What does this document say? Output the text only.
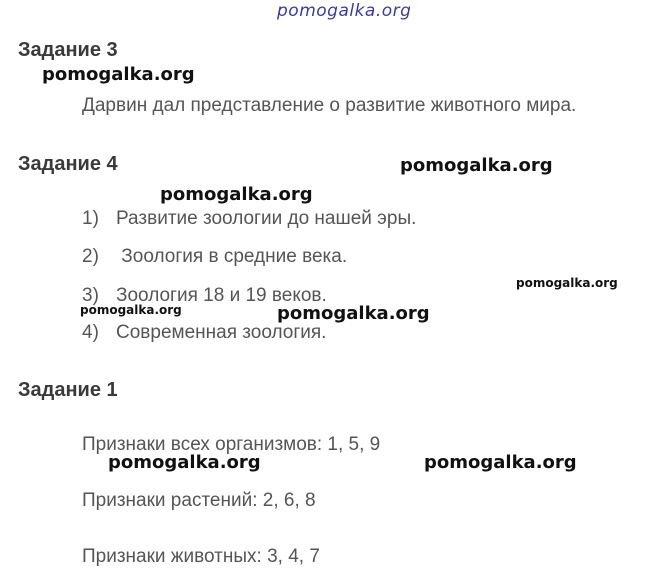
pomogalka.org
Задание 3
pomogalka.org
Дарвин дал представление о развитие животного мира.
Задание 4	pomogalka.org
pomogalka.org
1) Развитие зоологии до нашей эры.
2) Зоология в средние века.
pomogalka.org
3) Зоология 18 и 19 веков.
pomogalka.org	pomogalka.org
4) Современная зоология.
Задание 1
Признаки всех организмов: 1, 5, 9
pomogalka.org	pomogalka.org
Признаки растений: 2, 6, 8
Признаки животных: 3, 4, 7
